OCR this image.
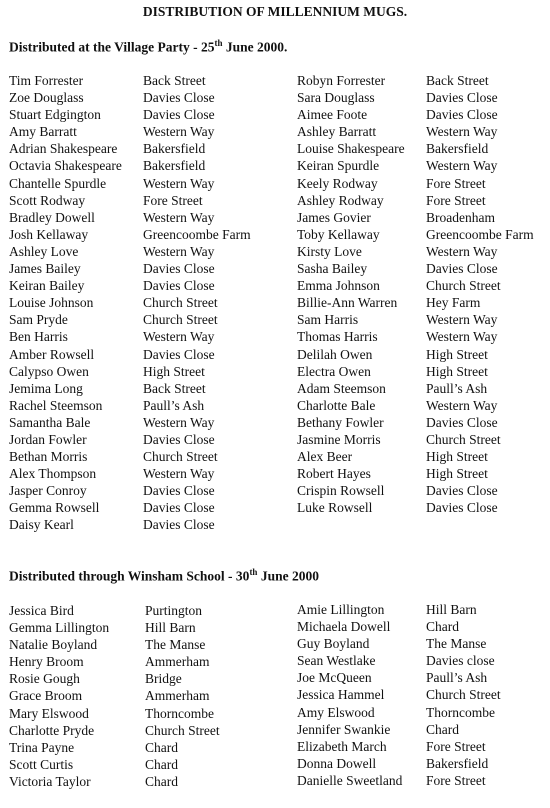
DISTRIBUTION OF MILLENNIUM MUGS.
Distributed at the Village Party - 25th June 2000.
Tim Forrester	Back Street
Zoe Douglass	Davies Close
Stuart Edgington	Davies Close
Amy Barratt	Western Way
Adrian Shakespeare Bakersfield
Octavia Shakespeare Bakersfield
Chantelle Spurdle	Western Way
Scott Rodway	Fore Street
Bradley Dowell	Western Way
Josh Kellaway	Greencoombe Farm
Ashley Love	Western Way
James Bailey	Davies Close
Keiran Bailey	Davies Close
Louise Johnson	Church Street
Sam Pryde	Church Street
Ben Harris	Western Way
Amber Rowsell	Davies Close
Calypso Owen	High Street
Jemima Long	Back Street
Rachel Steemson	Paull’s Ash
Samantha Bale	Western Way
Jordan Fowler	Davies Close
Bethan Morris	Church Street
Alex Thompson	Western Way
Jasper Conroy	Davies Close
Gemma Rowsell	Davies Close
Daisy Kearl	Davies Close
Robyn Forrester	Back Street
Sara Douglass	Davies Close
Aimee Foote	Davies Close
Ashley Barratt	Western Way
Louise Shakespeare Bakersfield
Keiran Spurdle	Western Way
Keely Rodway	Fore Street
Ashley Rodway	Fore Street
James Govier	Broadenham
Toby Kellaway	Greencoombe Farm
Kirsty Love	Western Way
Sasha Bailey	Davies Close
Emma Johnson	Church Street
Billie-Ann Warren Hey Farm
Sam Harris	Western Way
Thomas Harris	Western Way
Delilah Owen	High Street
Electra Owen	High Street
Adam Steemson	Paull’s Ash
Charlotte Bale	Western Way
Bethany Fowler	Davies Close
Jasmine Morris	Church Street
Alex Beer	High Street
Robert Hayes	High Street
Crispin Rowsell	Davies Close
Luke Rowsell	Davies Close
Distributed through Winsham School - 30th June 2000
Jessica Bird	Purtington
Gemma Lillington	Hill Barn
Natalie Boyland	The Manse
Henry Broom	Ammerham
Rosie Gough	Bridge
Grace Broom	Ammerham
Mary Elswood	Thorncombe
Charlotte Pryde	Church Street
Trina Payne	Chard
Scott Curtis	Chard
Victoria Taylor	Chard
Amie Lillington	Hill Barn
Michaela Dowell	Chard
Guy Boyland	The Manse
Sean Westlake	Davies close
Joe McQueen	Paull’s Ash
Jessica Hammel	Church Street
Amy Elswood	Thorncombe
Jennifer Swankie	Chard
Elizabeth March	Fore Street
Donna Dowell	Bakersfield
Danielle Sweetland Fore Street
